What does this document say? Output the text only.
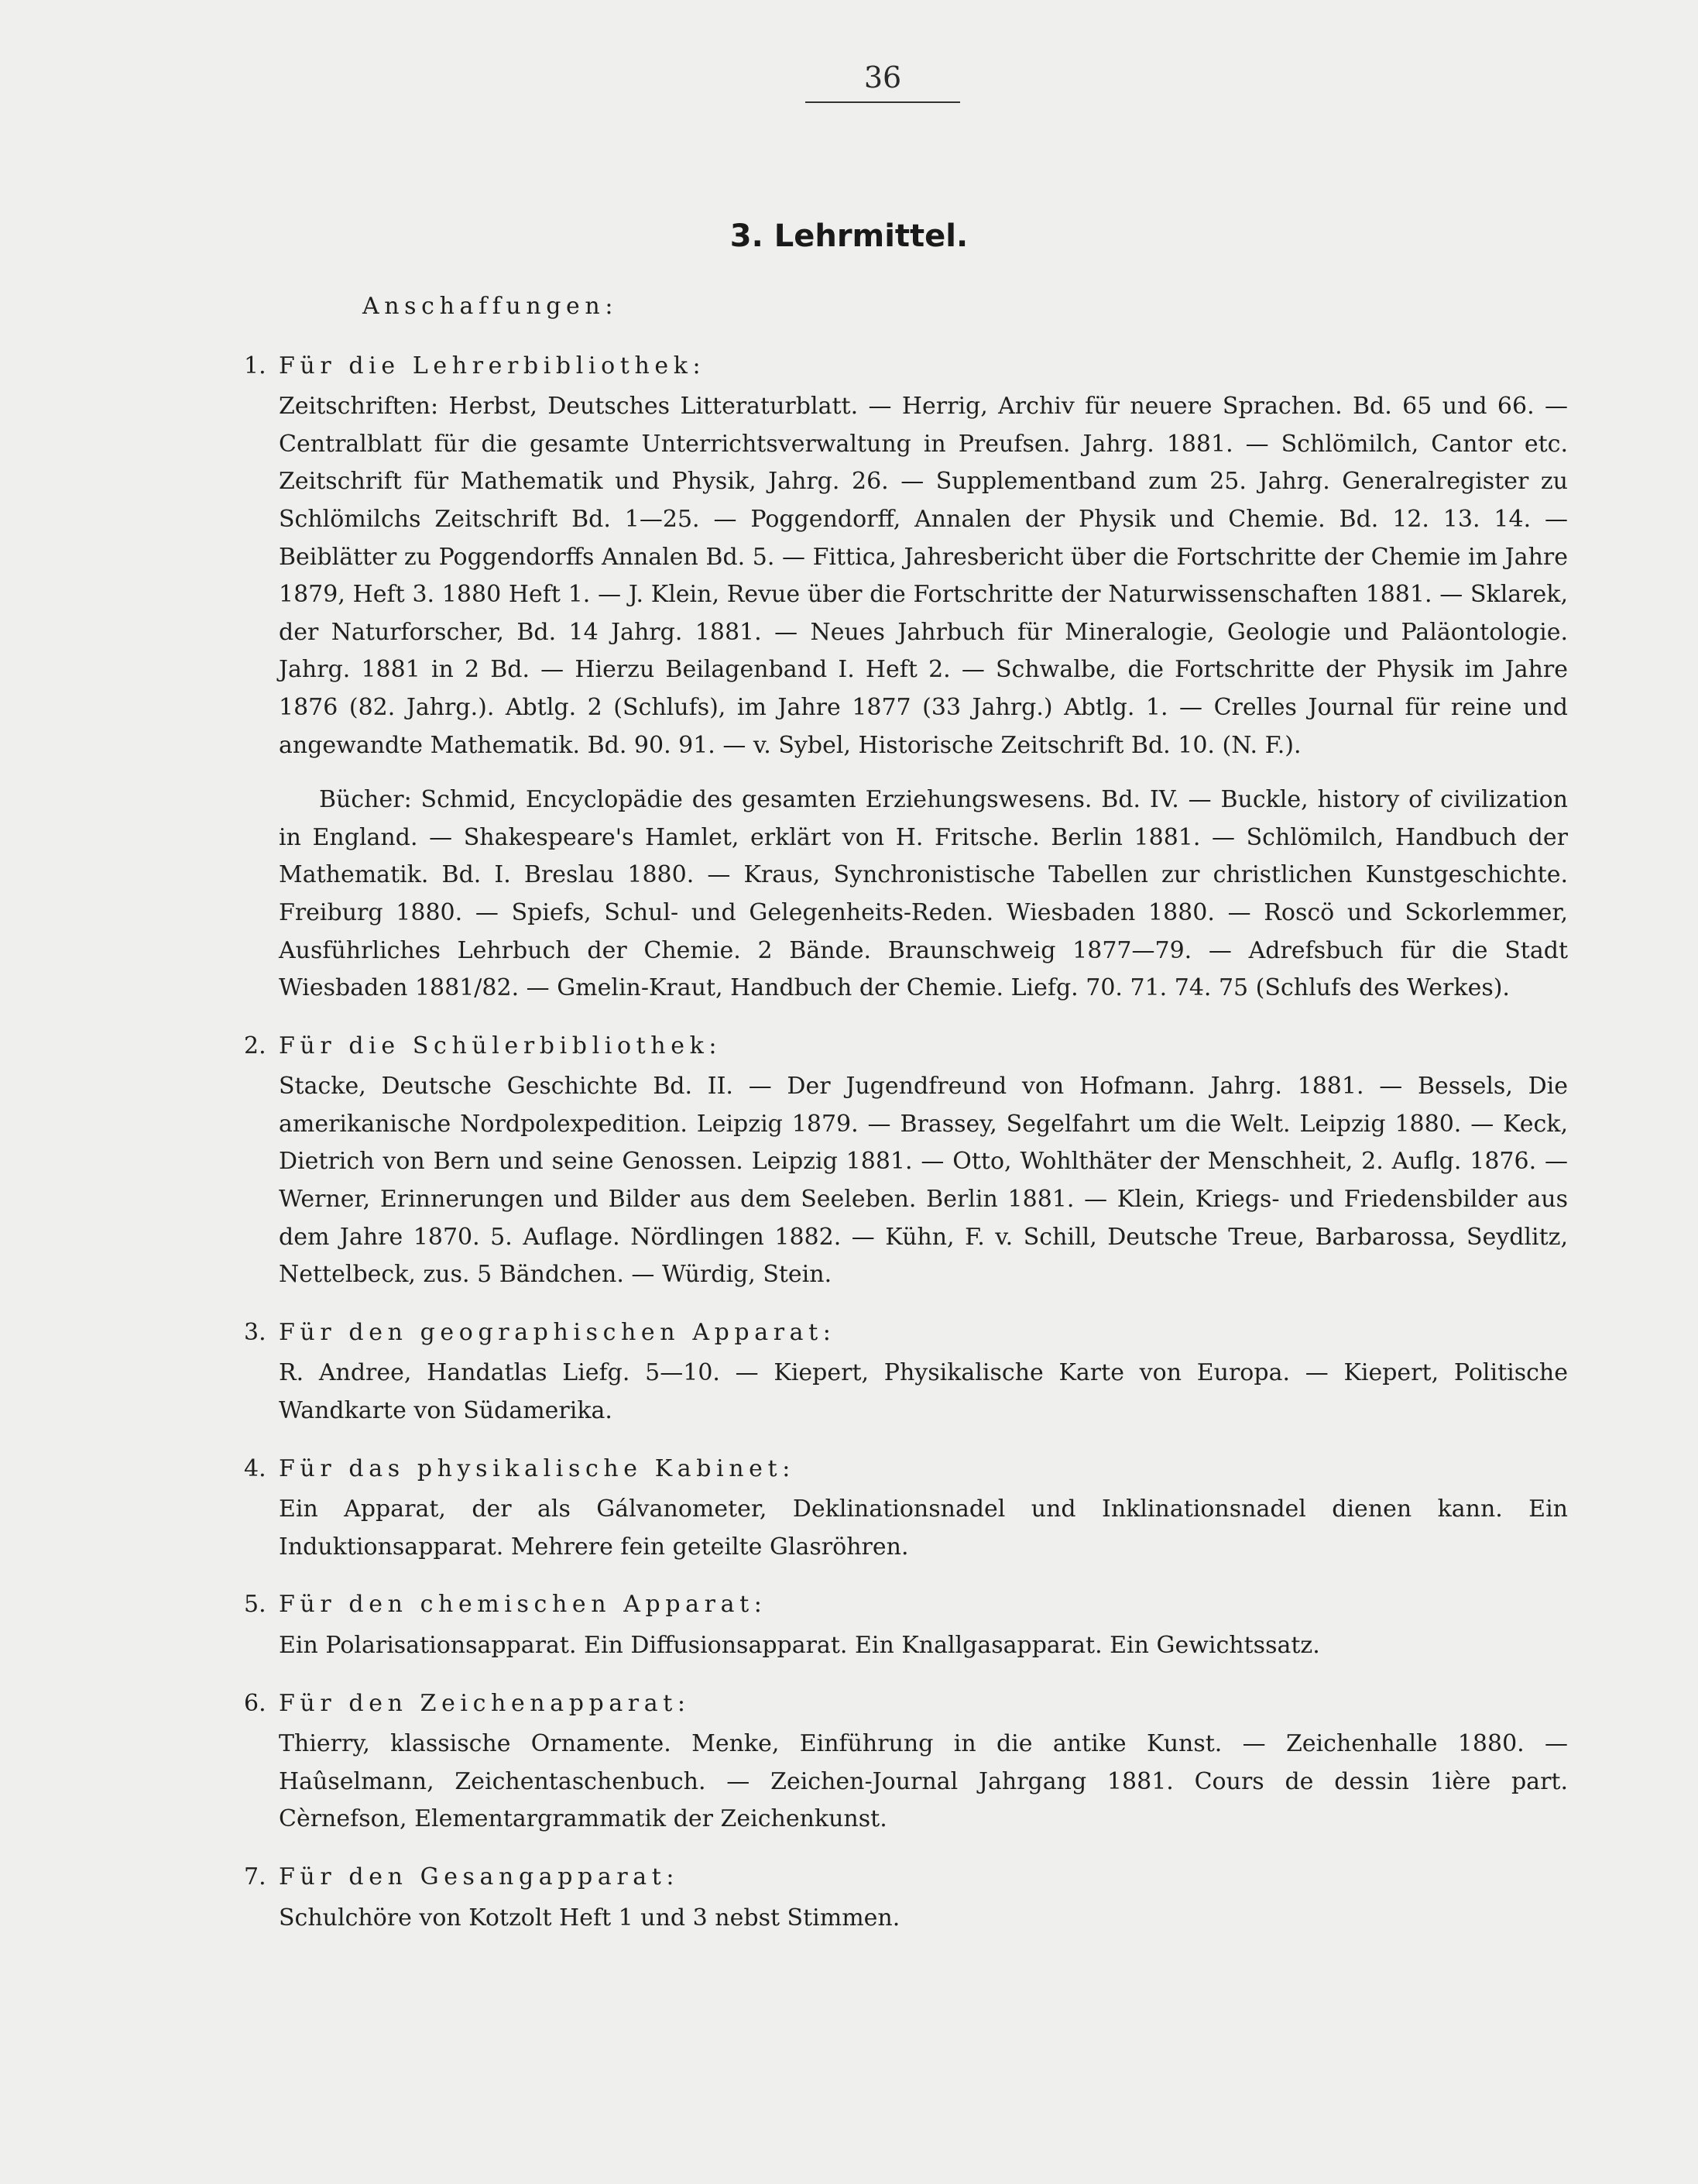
36
3. Lehrmittel.
Anschaffungen:
1. Für die Lehrerbibliothek:
Zeitschriften: Herbst, Deutsches Litteraturblatt. — Herrig, Archiv für neuere Sprachen. Bd. 65 und 66. — Centralblatt für die gesamte Unterrichtsverwaltung in Preufsen. Jahrg. 1881. — Schlömilch, Cantor etc. Zeitschrift für Mathematik und Physik, Jahrg. 26. — Supplementband zum 25. Jahrg. Generalregister zu Schlömilchs Zeitschrift Bd. 1—25. — Poggendorff, Annalen der Physik und Chemie. Bd. 12. 13. 14. — Beiblätter zu Poggendorffs Annalen Bd. 5. — Fittica, Jahresbericht über die Fortschritte der Chemie im Jahre 1879, Heft 3. 1880 Heft 1. — J. Klein, Revue über die Fortschritte der Naturwissenschaften 1881. — Sklarek, der Naturforscher, Bd. 14 Jahrg. 1881. — Neues Jahrbuch für Mineralogie, Geologie und Paläontologie. Jahrg. 1881 in 2 Bd. — Hierzu Beilagenband I. Heft 2. — Schwalbe, die Fortschritte der Physik im Jahre 1876 (82. Jahrg.). Abtlg. 2 (Schlufs), im Jahre 1877 (33 Jahrg.) Abtlg. 1. — Crelles Journal für reine und angewandte Mathematik. Bd. 90. 91. — v. Sybel, Historische Zeitschrift Bd. 10. (N. F.).
Bücher: Schmid, Encyclopädie des gesamten Erziehungswesens. Bd. IV. — Buckle, history of civilization in England. — Shakespeare's Hamlet, erklärt von H. Fritsche. Berlin 1881. — Schlömilch, Handbuch der Mathematik. Bd. I. Breslau 1880. — Kraus, Synchronistische Tabellen zur christlichen Kunstgeschichte. Freiburg 1880. — Spiefs, Schul- und Gelegenheits-Reden. Wiesbaden 1880. — Roscö und Sckorlemmer, Ausführliches Lehrbuch der Chemie. 2 Bände. Braunschweig 1877—79. — Adrefsbuch für die Stadt Wiesbaden 1881/82. — Gmelin-Kraut, Handbuch der Chemie. Liefg. 70. 71. 74. 75 (Schlufs des Werkes).
2. Für die Schülerbibliothek:
Stacke, Deutsche Geschichte Bd. II. — Der Jugendfreund von Hofmann. Jahrg. 1881. — Bessels, Die amerikanische Nordpolexpedition. Leipzig 1879. — Brassey, Segelfahrt um die Welt. Leipzig 1880. — Keck, Dietrich von Bern und seine Genossen. Leipzig 1881. — Otto, Wohlthäter der Menschheit, 2. Auflg. 1876. — Werner, Erinnerungen und Bilder aus dem Seeleben. Berlin 1881. — Klein, Kriegs- und Friedensbilder aus dem Jahre 1870. 5. Auflage. Nördlingen 1882. — Kühn, F. v. Schill, Deutsche Treue, Barbarossa, Seydlitz, Nettelbeck, zus. 5 Bändchen. — Würdig, Stein.
3. Für den geographischen Apparat:
R. Andree, Handatlas Liefg. 5—10. — Kiepert, Physikalische Karte von Europa. — Kiepert, Politische Wandkarte von Südamerika.
4. Für das physikalische Kabinet:
Ein Apparat, der als Gálvanometer, Deklinationsnadel und Inklinationsnadel dienen kann. Ein Induktionsapparat. Mehrere fein geteilte Glasröhren.
5. Für den chemischen Apparat:
Ein Polarisationsapparat. Ein Diffusionsapparat. Ein Knallgasapparat. Ein Gewichtssatz.
6. Für den Zeichenapparat:
Thierry, klassische Ornamente. Menke, Einführung in die antike Kunst. — Zeichenhalle 1880. — Haûselmann, Zeichentaschenbuch. — Zeichen-Journal Jahrgang 1881. Cours de dessin 1ière part. Cèrnefson, Elementargrammatik der Zeichenkunst.
7. Für den Gesangapparat:
Schulchöre von Kotzolt Heft 1 und 3 nebst Stimmen.
